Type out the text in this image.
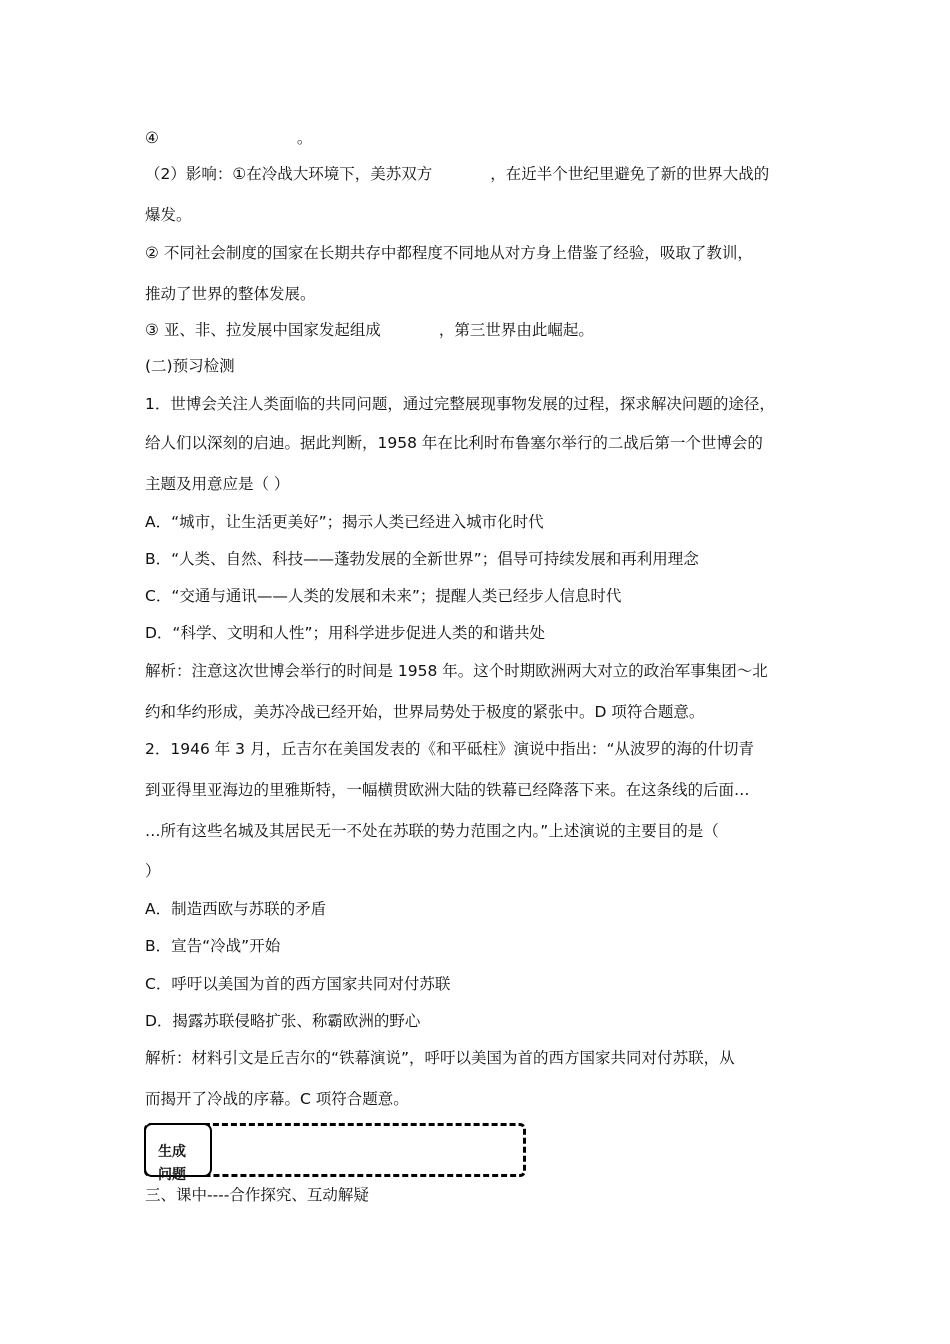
④	。
（2）影响：①在冷战大环境下，美苏双方	，在近半个世纪里避免了新的世界大战的
爆发。
② 不同社会制度的国家在长期共存中都程度不同地从对方身上借鉴了经验，吸取了教训，
推动了世界的整体发展。
③ 亚、非、拉发展中国家发起组成	，第三世界由此崛起。
(二)预习检测
1．世博会关注人类面临的共同问题，通过完整展现事物发展的过程，探求解决问题的途径，
给人们以深刻的启迪。据此判断，1958 年在比利时布鲁塞尔举行的二战后第一个世博会的
主题及用意应是（ ）
A．“城市，让生活更美好”；揭示人类已经进入城市化时代
B．“人类、自然、科技——蓬勃发展的全新世界”；倡导可持续发展和再利用理念
C．“交通与通讯——人类的发展和未来”；提醒人类已经步人信息时代
D．“科学、文明和人性”；用科学进步促进人类的和谐共处
解析：注意这次世博会举行的时间是 1958 年。这个时期欧洲两大对立的政治军事集团～北
约和华约形成，美苏冷战已经开始，世界局势处于极度的紧张中。D 项符合题意。
2．1946 年 3 月，丘吉尔在美国发表的《和平砥柱》演说中指出：“从波罗的海的什切青
到亚得里亚海边的里雅斯特，一幅横贯欧洲大陆的铁幕已经降落下来。在这条线的后面…
…所有这些名城及其居民无一不处在苏联的势力范围之内。”上述演说的主要目的是（
）
A．制造西欧与苏联的矛盾
B．宣告“冷战”开始
C．呼吁以美国为首的西方国家共同对付苏联
D．揭露苏联侵略扩张、称霸欧洲的野心
解析：材料引文是丘吉尔的“铁幕演说”，呼吁以美国为首的西方国家共同对付苏联，从
而揭开了冷战的序幕。C 项符合题意。
生成问题
三、课中----合作探究、互动解疑
